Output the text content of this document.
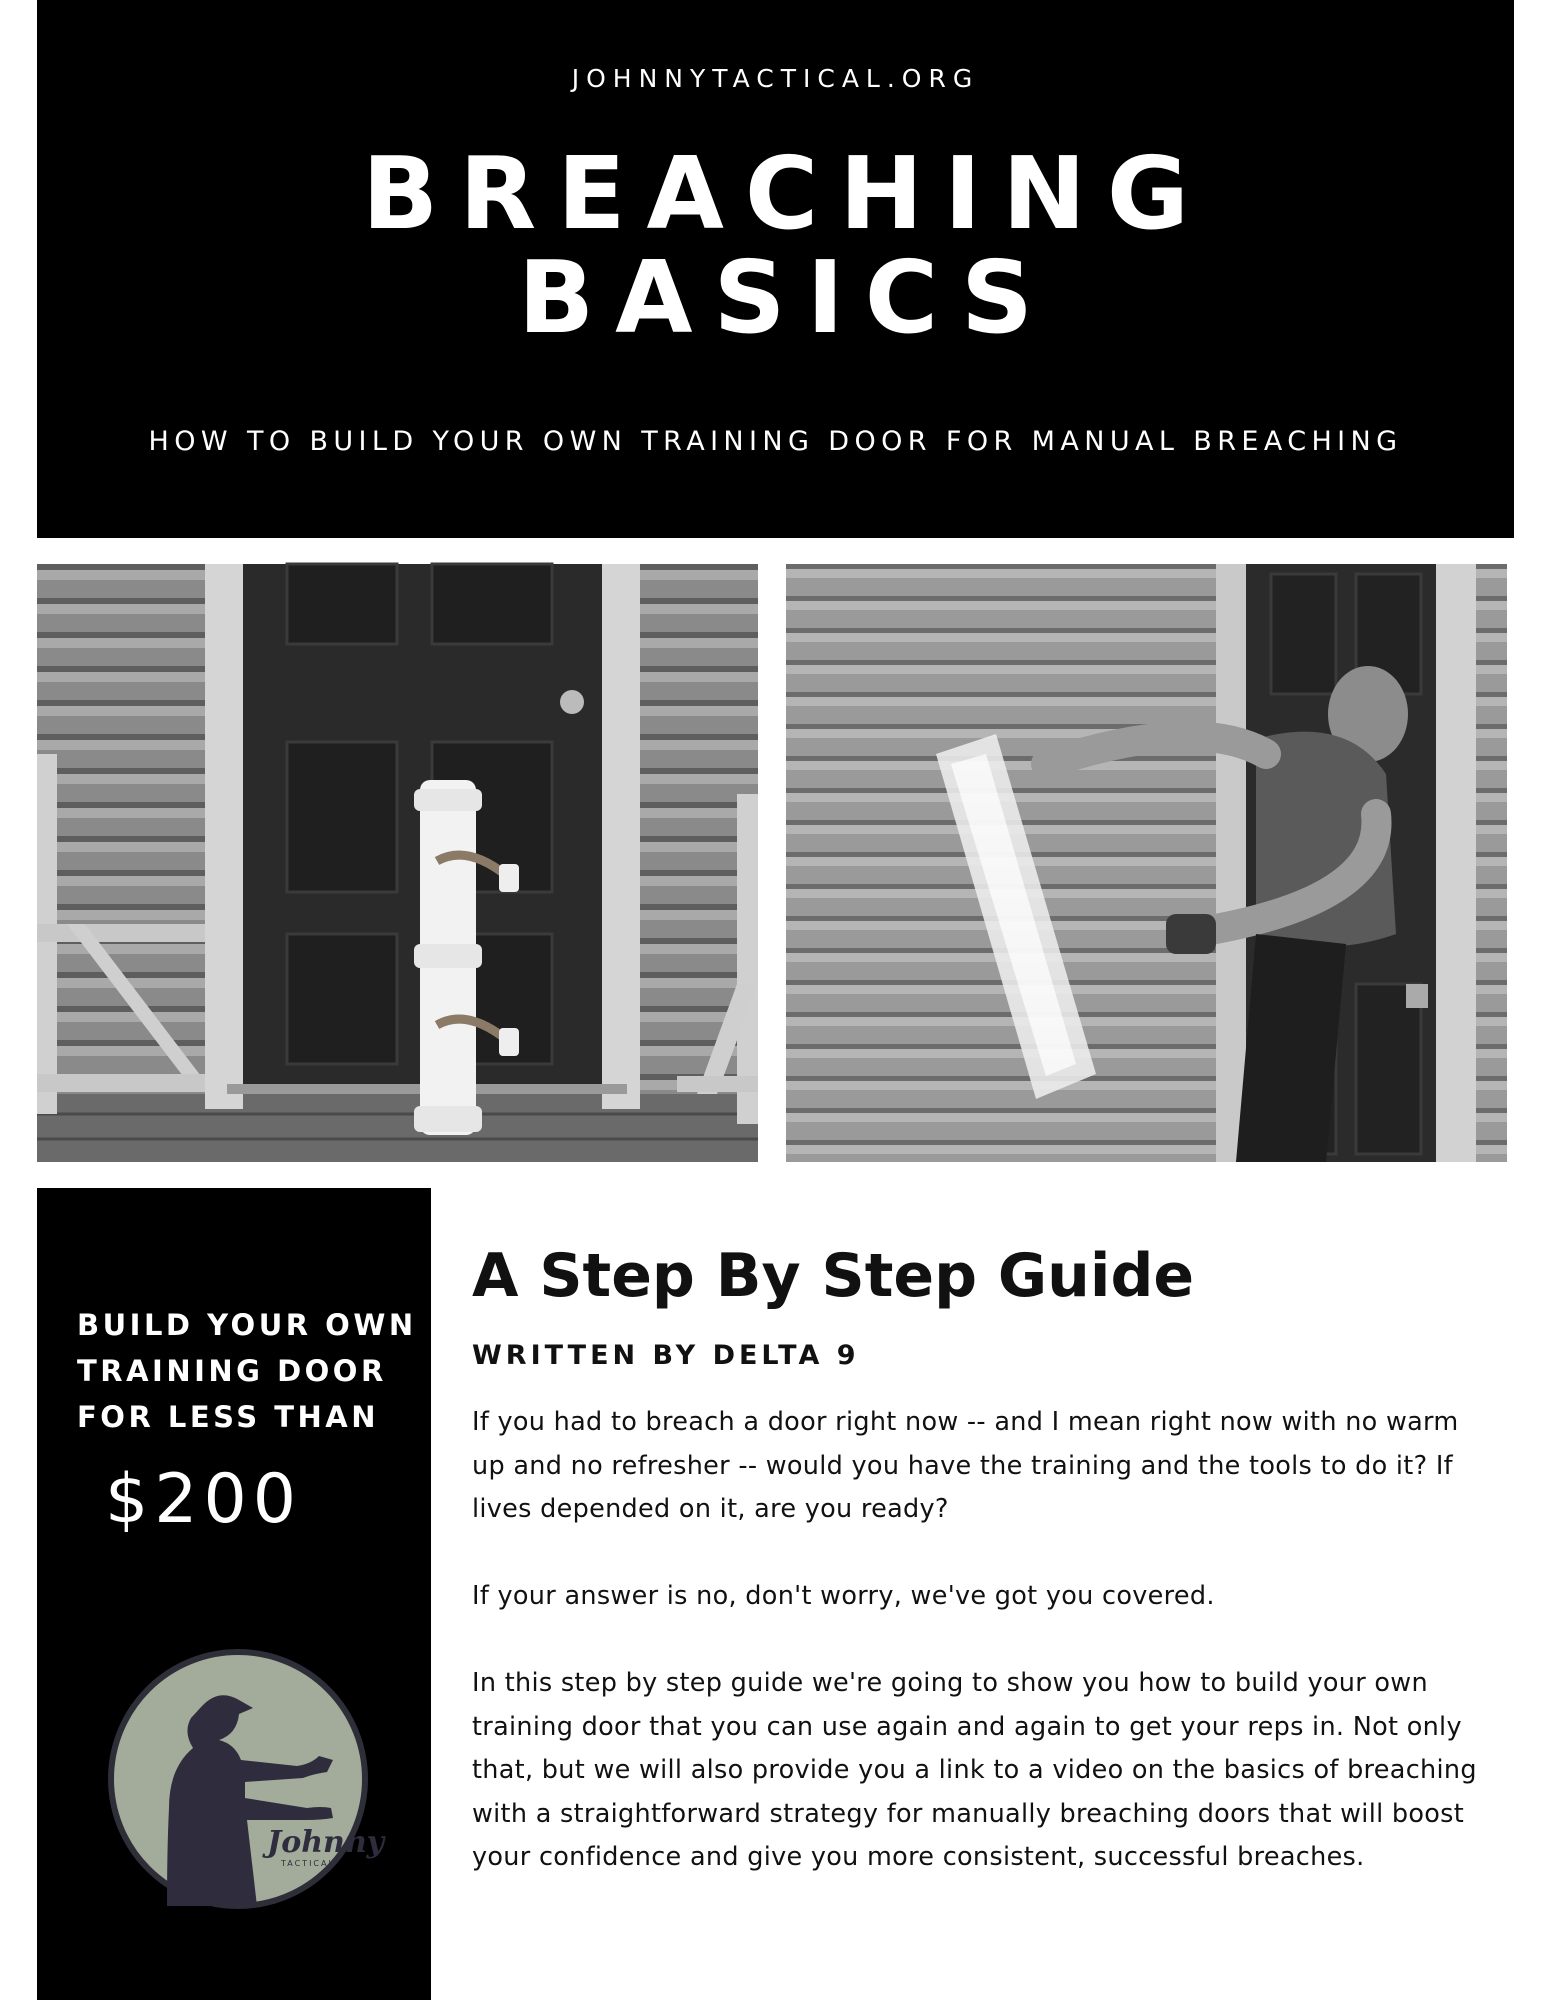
JOHNNYTACTICAL.ORG
BREACHING
BASICS
HOW TO BUILD YOUR OWN TRAINING DOOR FOR MANUAL BREACHING
BUILD YOUR OWN TRAINING DOOR FOR LESS THAN
$200
Johnny
TACTICAL
A Step By Step Guide
WRITTEN BY DELTA 9

If you had to breach a door right now -- and I mean right now with no warm up and no refresher -- would you have the training and the tools to do it? If lives depended on it, are you ready?

If your answer is no, don't worry, we've got you covered.

In this step by step guide we're going to show you how to build your own training door that you can use again and again to get your reps in. Not only that, but we will also provide you a link to a video on the basics of breaching with a straightforward strategy for manually breaching doors that will boost your confidence and give you more consistent, successful breaches.
